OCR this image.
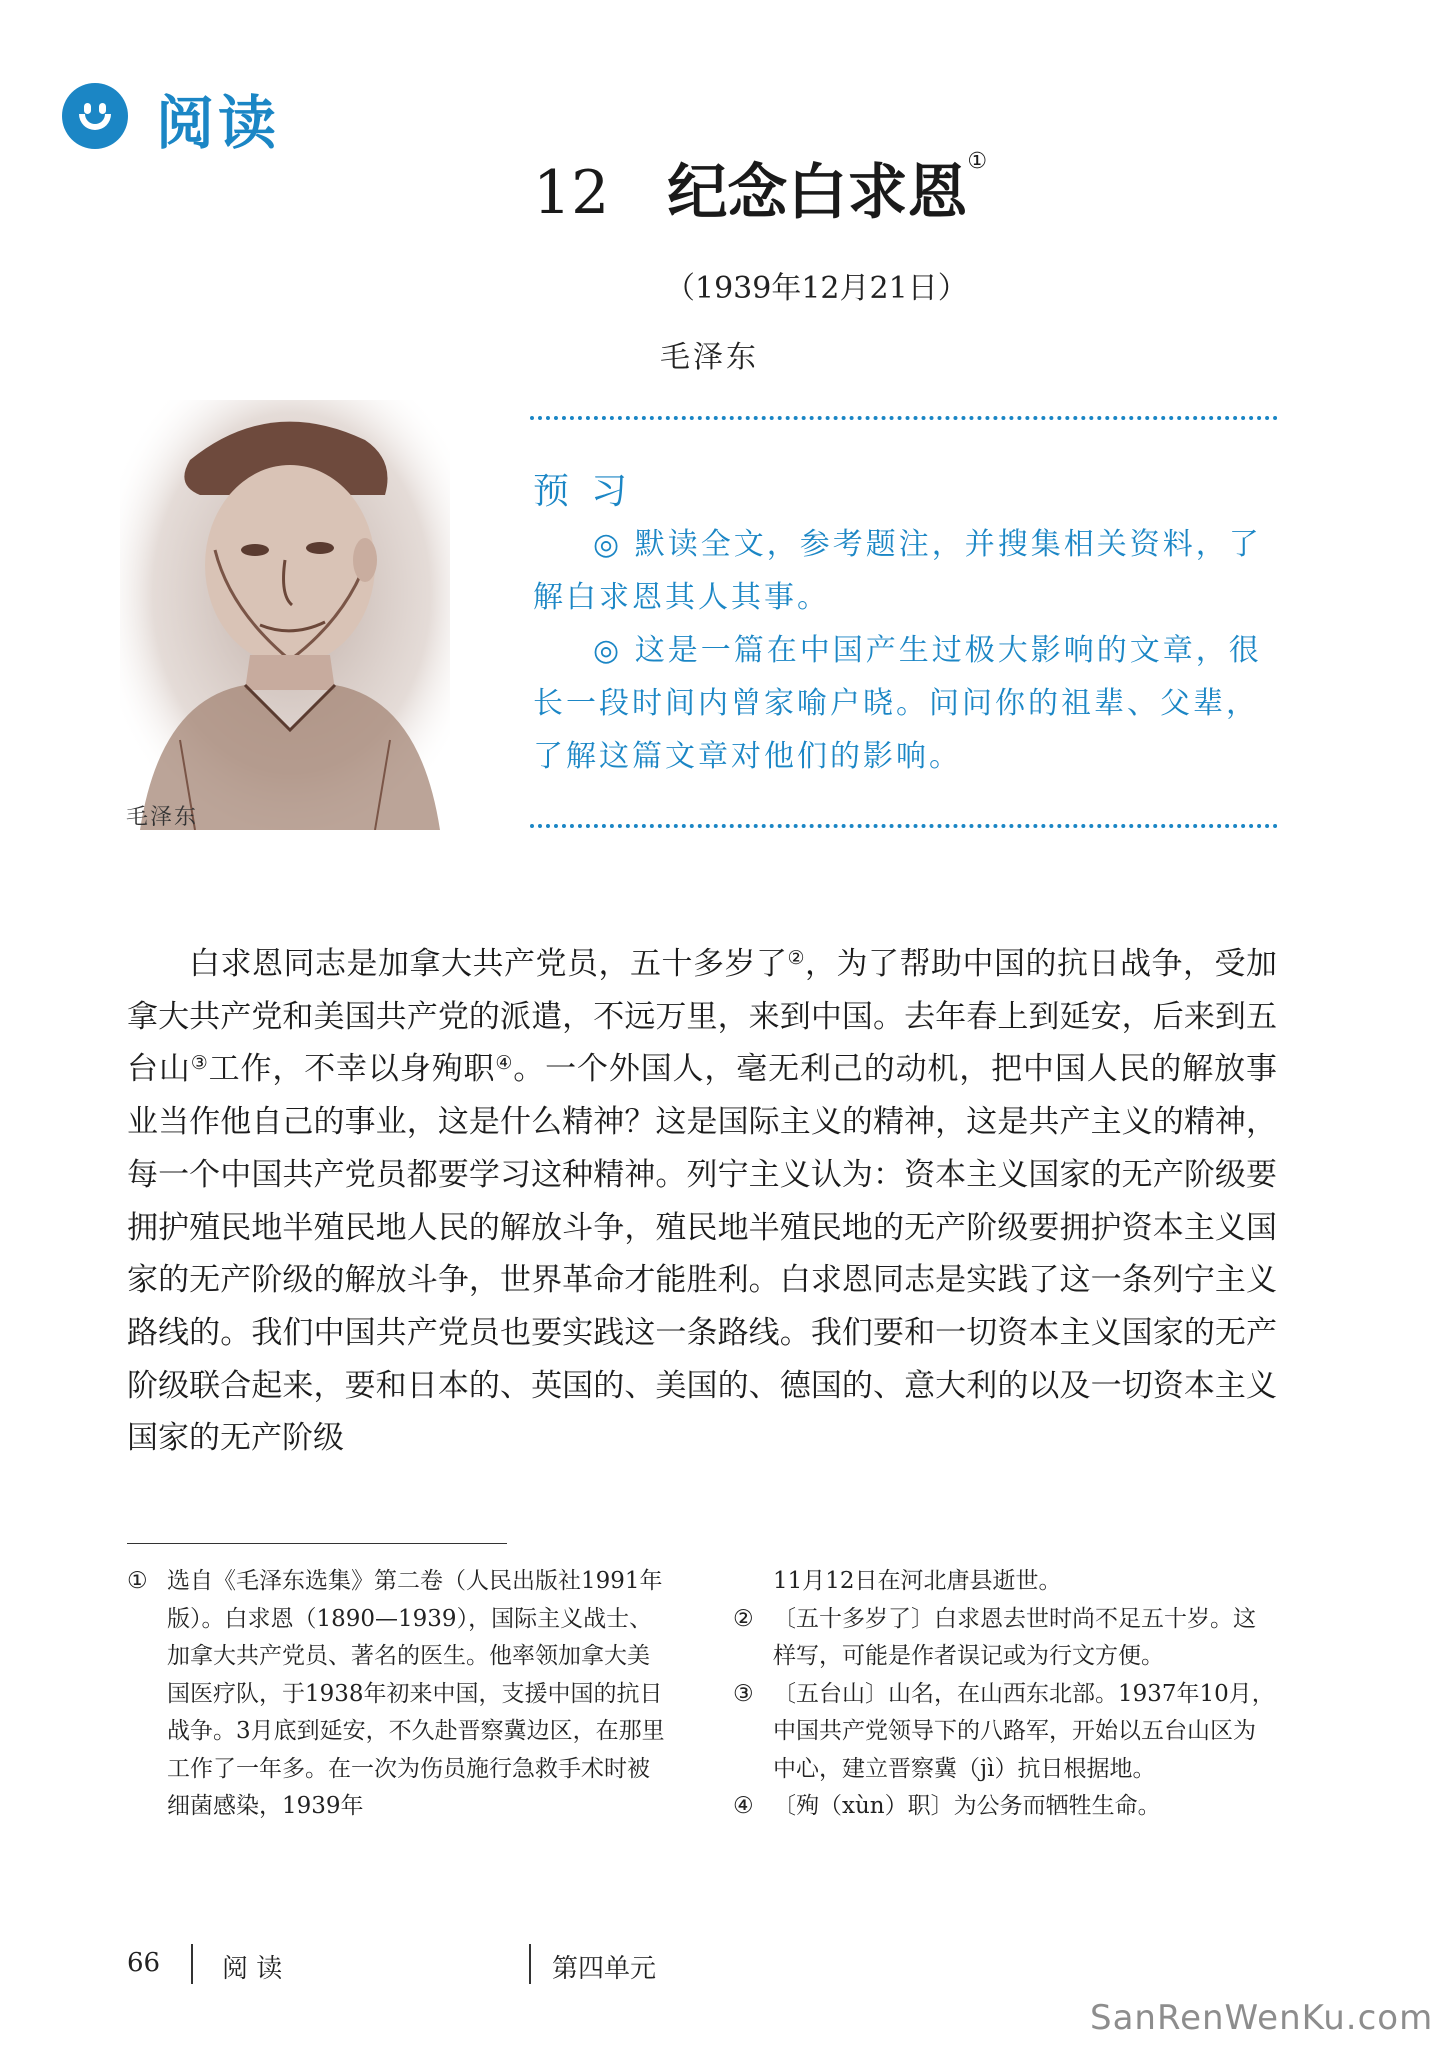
阅读
12 纪念白求恩①
（1939年12月21日）
毛泽东
毛泽东
预习

◎ 默读全文，参考题注，并搜集相关资料，了解白求恩其人其事。

◎ 这是一篇在中国产生过极大影响的文章，很长一段时间内曾家喻户晓。问问你的祖辈、父辈，了解这篇文章对他们的影响。

白求恩同志是加拿大共产党员，五十多岁了②，为了帮助中国的抗日战争，受加拿大共产党和美国共产党的派遣，不远万里，来到中国。去年春上到延安，后来到五台山③工作，不幸以身殉职④。一个外国人，毫无利己的动机，把中国人民的解放事业当作他自己的事业，这是什么精神？这是国际主义的精神，这是共产主义的精神，每一个中国共产党员都要学习这种精神。列宁主义认为：资本主义国家的无产阶级要拥护殖民地半殖民地人民的解放斗争，殖民地半殖民地的无产阶级要拥护资本主义国家的无产阶级的解放斗争，世界革命才能胜利。白求恩同志是实践了这一条列宁主义路线的。我们中国共产党员也要实践这一条路线。我们要和一切资本主义国家的无产阶级联合起来，要和日本的、英国的、美国的、德国的、意大利的以及一切资本主义国家的无产阶级

① 选自《毛泽东选集》第二卷（人民出版社1991年版）。白求恩（1890—1939），国际主义战士、加拿大共产党员、著名的医生。他率领加拿大美国医疗队，于1938年初来中国，支援中国的抗日战争。3月底到延安，不久赴晋察冀边区，在那里工作了一年多。在一次为伤员施行急救手术时被细菌感染，1939年
11月12日在河北唐县逝世。
② 〔五十多岁了〕白求恩去世时尚不足五十岁。这样写，可能是作者误记或为行文方便。
③ 〔五台山〕山名，在山西东北部。1937年10月，中国共产党领导下的八路军，开始以五台山区为中心，建立晋察冀（jì）抗日根据地。
④ 〔殉（xùn）职〕为公务而牺牲生命。
66 阅 读	第四单元
SanRenWenKu.com
